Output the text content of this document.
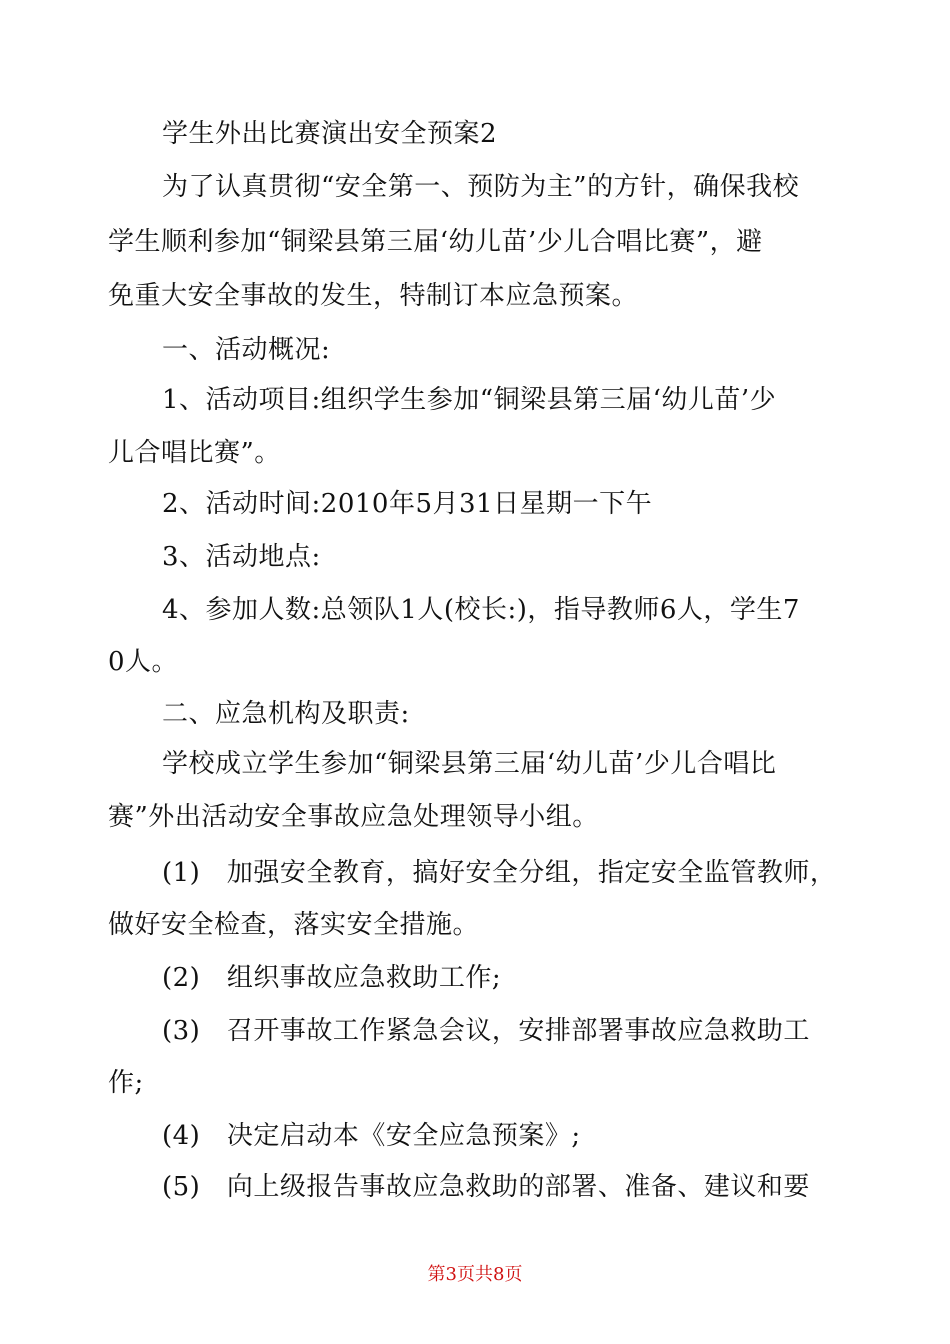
学生外出比赛演出安全预案2
为了认真贯彻“安全第一、预防为主”的方针，确保我校
学生顺利参加“铜梁县第三届‘幼儿苗’少儿合唱比赛”，避
免重大安全事故的发生，特制订本应急预案。
一、活动概况:
1、活动项目:组织学生参加“铜梁县第三届‘幼儿苗’少
儿合唱比赛”。
2、活动时间:2010年5月31日星期一下午
3、活动地点:
4、参加人数:总领队1人(校长:)，指导教师6人，学生7
0人。
二、应急机构及职责:
学校成立学生参加“铜梁县第三届‘幼儿苗’少儿合唱比
赛”外出活动安全事故应急处理领导小组。
(1)　加强安全教育，搞好安全分组，指定安全监管教师，
做好安全检查，落实安全措施。
(2)　组织事故应急救助工作;
(3)　召开事故工作紧急会议，安排部署事故应急救助工
作;
(4)　决定启动本《安全应急预案》;
(5)　向上级报告事故应急救助的部署、准备、建议和要
第3页共8页
